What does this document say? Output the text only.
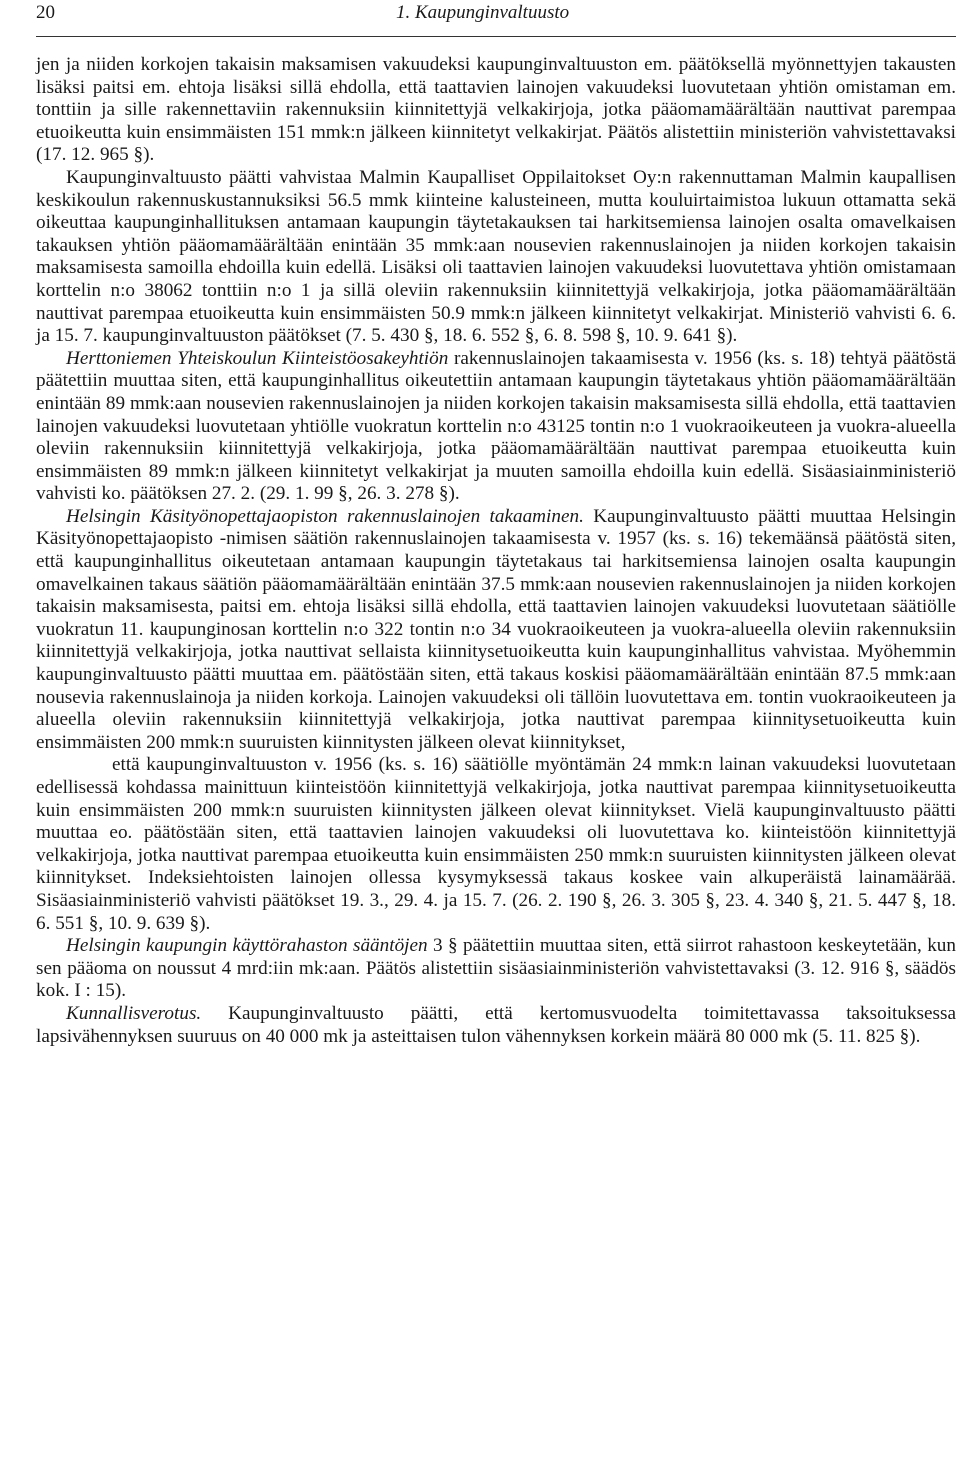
20	1. Kaupunginvaltuusto

jen ja niiden korkojen takaisin maksamisen vakuudeksi kaupunginvaltuuston em. päätöksellä myönnettyjen takausten lisäksi paitsi em. ehtoja lisäksi sillä ehdolla, että taattavien lainojen vakuudeksi luovutetaan yhtiön omistaman em. tonttiin ja sille rakennettaviin rakennuksiin kiinnitettyjä velkakirjoja, jotka pääomamäärältään nauttivat parempaa etuoikeutta kuin ensimmäisten 151 mmk:n jälkeen kiinnitetyt velkakirjat. Päätös alistettiin ministeriön vahvistettavaksi (17. 12. 965 §).

Kaupunginvaltuusto päätti vahvistaa Malmin Kaupalliset Oppilaitokset Oy:n rakennuttaman Malmin kaupallisen keskikoulun rakennuskustannuksiksi 56.5 mmk kiinteine kalusteineen, mutta kouluirtaimistoa lukuun ottamatta sekä oikeuttaa kaupunginhallituksen antamaan kaupungin täytetakauksen tai harkitsemiensa lainojen osalta omavelkaisen takauksen yhtiön pääomamäärältään enintään 35 mmk:aan nousevien rakennuslainojen ja niiden korkojen takaisin maksamisesta samoilla ehdoilla kuin edellä. Lisäksi oli taattavien lainojen vakuudeksi luovutettava yhtiön omistamaan korttelin n:o 38062 tonttiin n:o 1 ja sillä oleviin rakennuksiin kiinnitettyjä velkakirjoja, jotka pääomamäärältään nauttivat parempaa etuoikeutta kuin ensimmäisten 50.9 mmk:n jälkeen kiinnitetyt velkakirjat. Ministeriö vahvisti 6. 6. ja 15. 7. kaupunginvaltuuston päätökset (7. 5. 430 §, 18. 6. 552 §, 6. 8. 598 §, 10. 9. 641 §).

Herttoniemen Yhteiskoulun Kiinteistöosakeyhtiön rakennuslainojen takaamisesta v. 1956 (ks. s. 18) tehtyä päätöstä päätettiin muuttaa siten, että kaupunginhallitus oikeutettiin antamaan kaupungin täytetakaus yhtiön pääomamäärältään enintään 89 mmk:aan nousevien rakennuslainojen ja niiden korkojen takaisin maksamisesta sillä ehdolla, että taattavien lainojen vakuudeksi luovutetaan yhtiölle vuokratun korttelin n:o 43125 tontin n:o 1 vuokraoikeuteen ja vuokra-alueella oleviin rakennuksiin kiinnitettyjä velkakirjoja, jotka pääomamäärältään nauttivat parempaa etuoikeutta kuin ensimmäisten 89 mmk:n jälkeen kiinnitetyt velkakirjat ja muuten samoilla ehdoilla kuin edellä. Sisäasiainministeriö vahvisti ko. päätöksen 27. 2. (29. 1. 99 §, 26. 3. 278 §).

Helsingin Käsityönopettajaopiston rakennuslainojen takaaminen. Kaupunginvaltuusto päätti muuttaa Helsingin Käsityönopettajaopisto -nimisen säätiön rakennuslainojen takaamisesta v. 1957 (ks. s. 16) tekemäänsä päätöstä siten, että kaupunginhallitus oikeutetaan antamaan kaupungin täytetakaus tai harkitsemiensa lainojen osalta kaupungin omavelkainen takaus säätiön pääomamäärältään enintään 37.5 mmk:aan nousevien rakennuslainojen ja niiden korkojen takaisin maksamisesta, paitsi em. ehtoja lisäksi sillä ehdolla, että taattavien lainojen vakuudeksi luovutetaan säätiölle vuokratun 11. kaupunginosan korttelin n:o 322 tontin n:o 34 vuokraoikeuteen ja vuokra-alueella oleviin rakennuksiin kiinnitettyjä velkakirjoja, jotka nauttivat sellaista kiinnitysetuoikeutta kuin kaupunginhallitus vahvistaa. Myöhemmin kaupunginvaltuusto päätti muuttaa em. päätöstään siten, että takaus koskisi pääomamäärältään enintään 87.5 mmk:aan nousevia rakennuslainoja ja niiden korkoja. Lainojen vakuudeksi oli tällöin luovutettava em. tontin vuokraoikeuteen ja alueella oleviin rakennuksiin kiinnitettyjä velkakirjoja, jotka nauttivat parempaa kiinnitysetuoikeutta kuin ensimmäisten 200 mmk:n suuruisten kiinnitysten jälkeen olevat kiinnitykset,

että kaupunginvaltuuston v. 1956 (ks. s. 16) säätiölle myöntämän 24 mmk:n lainan vakuudeksi luovutetaan edellisessä kohdassa mainittuun kiinteistöön kiinnitettyjä velkakirjoja, jotka nauttivat parempaa kiinnitysetuoikeutta kuin ensimmäisten 200 mmk:n suuruisten kiinnitysten jälkeen olevat kiinnitykset. Vielä kaupunginvaltuusto päätti muuttaa eo. päätöstään siten, että taattavien lainojen vakuudeksi oli luovutettava ko. kiinteistöön kiinnitettyjä velkakirjoja, jotka nauttivat parempaa etuoikeutta kuin ensimmäisten 250 mmk:n suuruisten kiinnitysten jälkeen olevat kiinnitykset. Indeksiehtoisten lainojen ollessa kysymyksessä takaus koskee vain alkuperäistä lainamäärää. Sisäasiainministeriö vahvisti päätökset 19. 3., 29. 4. ja 15. 7. (26. 2. 190 §, 26. 3. 305 §, 23. 4. 340 §, 21. 5. 447 §, 18. 6. 551 §, 10. 9. 639 §).

Helsingin kaupungin käyttörahaston sääntöjen 3 § päätettiin muuttaa siten, että siirrot rahastoon keskeytetään, kun sen pääoma on noussut 4 mrd:iin mk:aan. Päätös alistettiin sisäasiainministeriön vahvistettavaksi (3. 12. 916 §, säädös kok. I : 15).

Kunnallisverotus. Kaupunginvaltuusto päätti, että kertomusvuodelta toimitettavassa taksoituksessa lapsivähennyksen suuruus on 40 000 mk ja asteittaisen tulon vähennyksen korkein määrä 80 000 mk (5. 11. 825 §).
